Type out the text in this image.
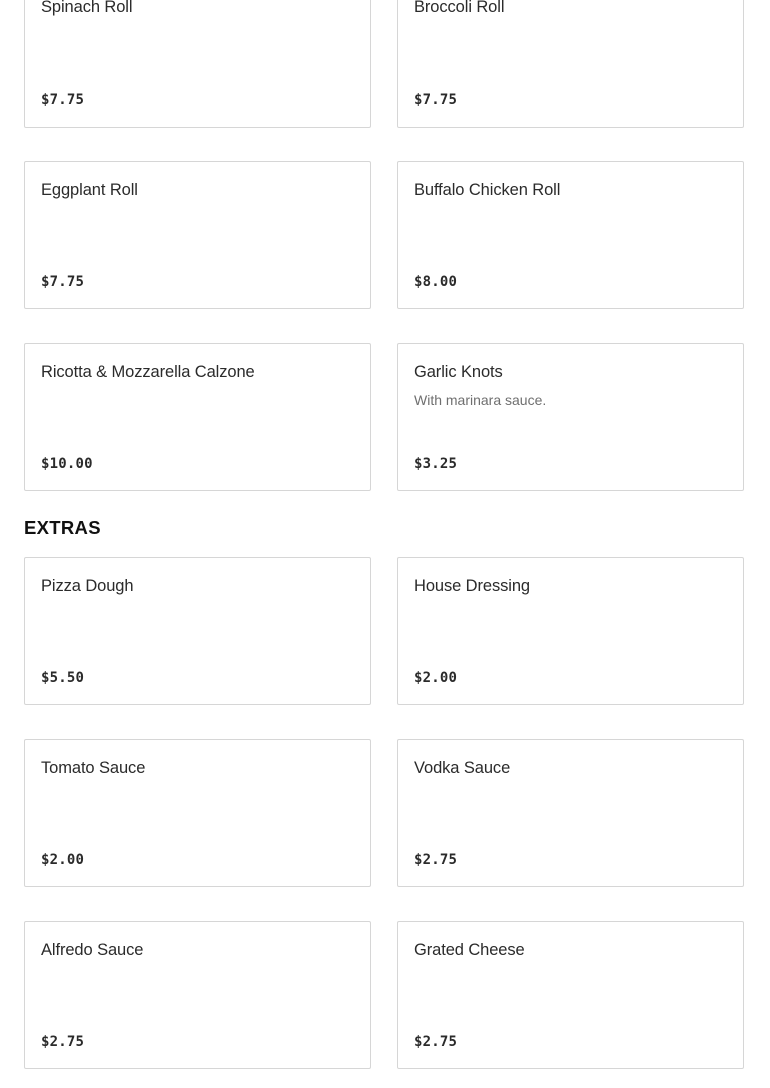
Spinach Roll
$7.75
Broccoli Roll
$7.75
Eggplant Roll
$7.75
Buffalo Chicken Roll
$8.00
Ricotta & Mozzarella Calzone
$10.00
Garlic Knots
With marinara sauce.
$3.25
EXTRAS
Pizza Dough
$5.50
House Dressing
$2.00
Tomato Sauce
$2.00
Vodka Sauce
$2.75
Alfredo Sauce
$2.75
Grated Cheese
$2.75
